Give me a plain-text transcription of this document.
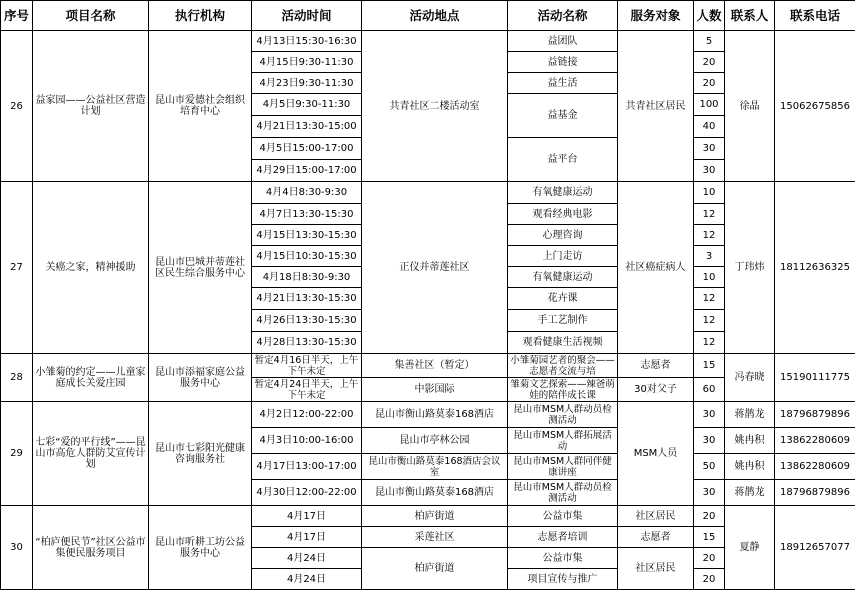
序号	项目名称	执行机构	活动时间	活动地点	活动名称	服务对象	人数	联系人	联系电话
26	益家园——公益社区营造计划	昆山市爱德社会组织培育中心	4月13日15:30-16:30	共青社区二楼活动室	益团队	共青社区居民	5	徐晶	15062675856
			4月15日9:30-11:30		益链接		20		
			4月23日9:30-11:30		益生活		20		
			4月5日9:30-11:30		益基金		100		
			4月21日13:30-15:00				40		
			4月5日15:00-17:00		益平台		30		
			4月29日15:00-17:00				30		
27	关癌之家，精神援助	昆山市巴城并蒂莲社区民生综合服务中心	4月4日8:30-9:30	正仪并蒂莲社区	有氧健康运动	社区癌症病人	10	丁玮炜	18112636325
			4月7日13:30-15:30		观看经典电影		12		
			4月15日13:30-15:30		心理咨询		12		
			4月15日10:30-15:30		上门走访		3		
			4月18日8:30-9:30		有氧健康运动		10		
			4月21日13:30-15:30		花卉课		12		
			4月26日13:30-15:30		手工艺制作		12		
			4月28日13:30-15:30		观看健康生活视频		12		
28	小雏菊的约定——儿童家庭成长关爱庄园	昆山市添福家庭公益服务中心	暂定4月16日半天，上午下午未定	集善社区（暂定）	小雏菊园艺者的聚会——志愿者交流与培	志愿者	15	冯春晓	15190111775
			暂定4月24日半天，上午下午未定	中影国际	雏菊文艺探索——辣爸萌娃的陪伴成长课	30对父子	60		
29	七彩“爱的平行线”——昆山市高危人群防艾宣传计划	昆山市七彩阳光健康咨询服务社	4月2日12:00-22:00	昆山市衡山路莫泰168酒店	昆山市MSM人群动员检测活动	MSM人员	30	蒋鹊龙	18796879896
			4月3日10:00-16:00	昆山市亭林公园	昆山市MSM人群拓展活动		30	姚冉积	13862280609
			4月17日13:00-17:00	昆山市衡山路莫泰168酒店会议室	昆山市MSM人群同伴健康讲座		50	姚冉积	13862280609
			4月30日12:00-22:00	昆山市衡山路莫泰168酒店	昆山市MSM人群动员检测活动		30	蒋鹊龙	18796879896
30	“柏庐便民节”社区公益市集便民服务项目	昆山市听耕工坊公益服务中心	4月17日	柏庐街道	公益市集	社区居民	20	夏静	18912657077
			4月17日	采莲社区	志愿者培训	志愿者	15		
			4月24日	柏庐街道	公益市集	社区居民	20		
			4月24日		项目宣传与推广		20		
